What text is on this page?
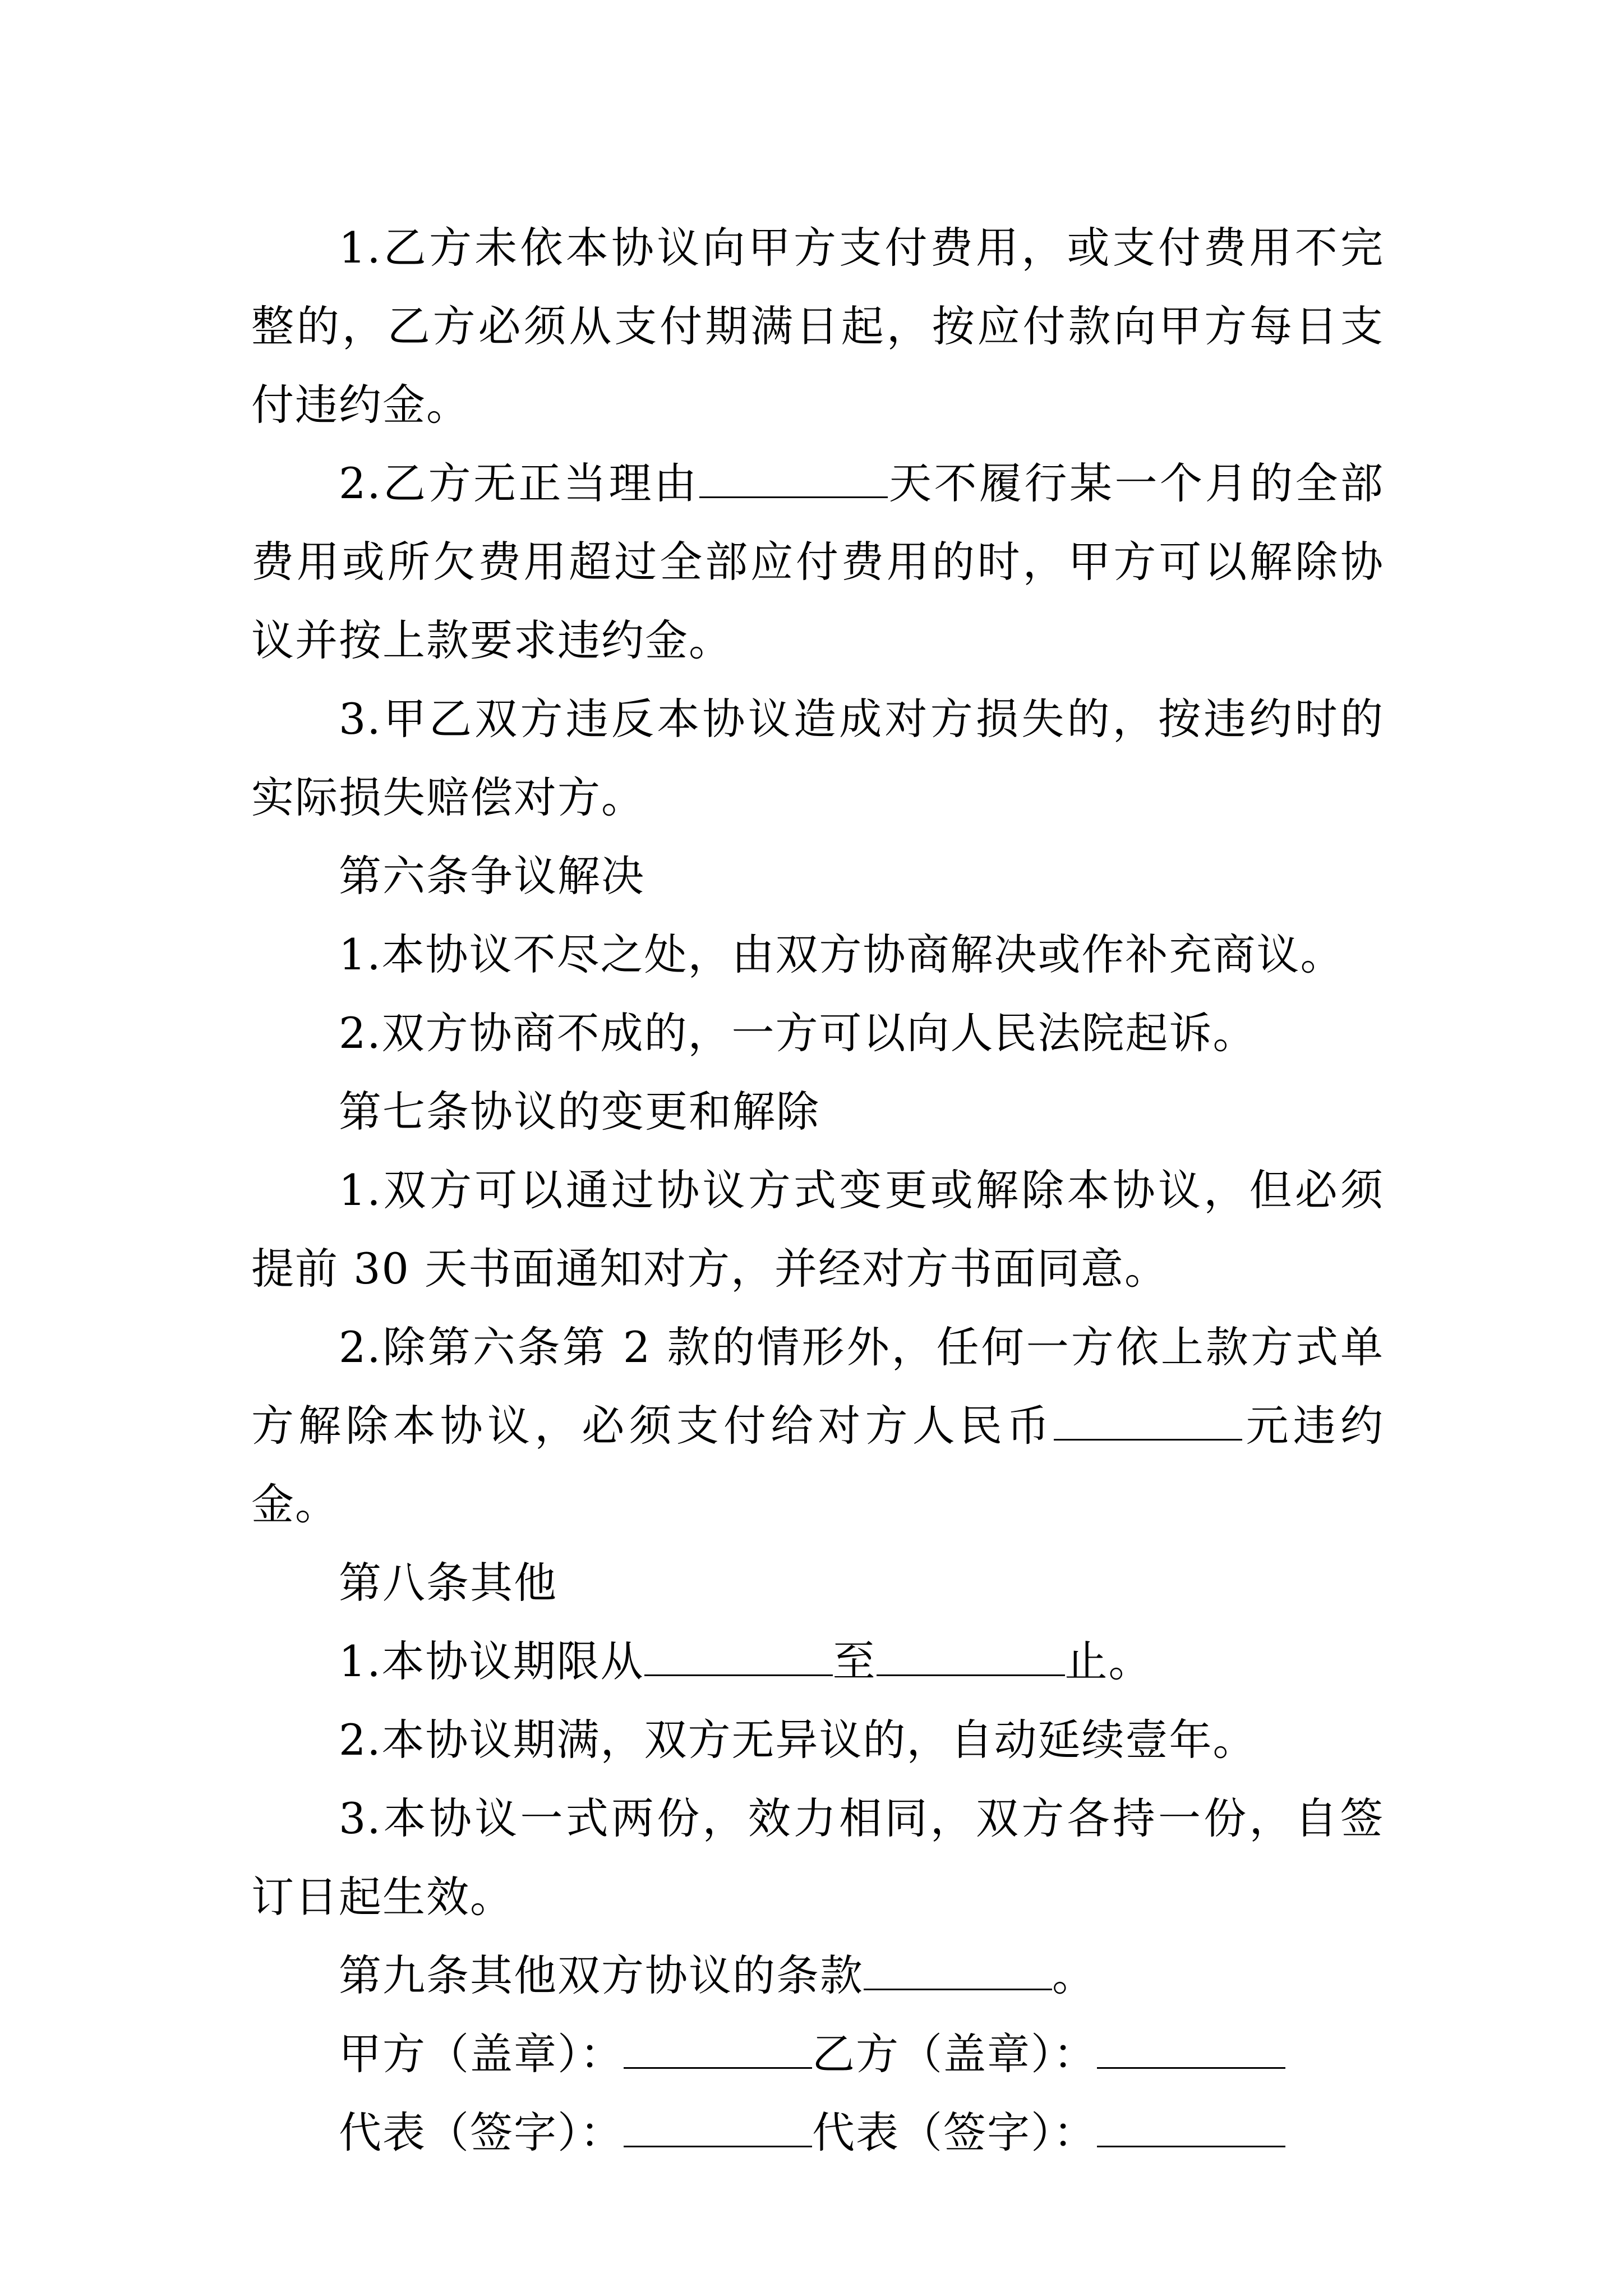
1.乙方未依本协议向甲方支付费用，或支付费用不完整的，乙方必须从支付期满日起，按应付款向甲方每日支付违约金。

2.乙方无正当理由	天不履行某一个月的全部费用或所欠费用超过全部应付费用的时，甲方可以解除协议并按上款要求违约金。

3.甲乙双方违反本协议造成对方损失的，按违约时的实际损失赔偿对方。

第六条争议解决

1.本协议不尽之处，由双方协商解决或作补充商议。

2.双方协商不成的，一方可以向人民法院起诉。

第七条协议的变更和解除

1.双方可以通过协议方式变更或解除本协议，但必须提前 30 天书面通知对方，并经对方书面同意。

2.除第六条第 2 款的情形外，任何一方依上款方式单方解除本协议，必须支付给对方人民币	元违约金。

第八条其他

1.本协议期限从	至	止。

2.本协议期满，双方无异议的，自动延续壹年。

3.本协议一式两份，效力相同，双方各持一份，自签订日起生效。

第九条其他双方协议的条款	。

甲方（盖章）：	乙方（盖章）：

代表（签字）：	代表（签字）：
